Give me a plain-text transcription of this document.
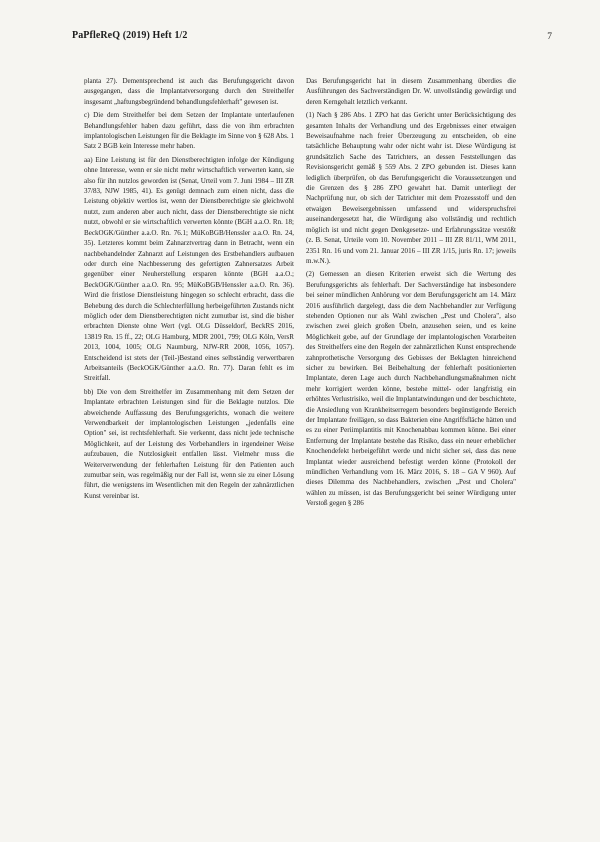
PaPfleReQ (2019) Heft 1/2	7

planta 27). Dementsprechend ist auch das Berufungsgericht davon ausgegangen, dass die Implantatversorgung durch den Streithelfer insgesamt „haftungsbegründend behandlungsfehlerhaft" gewesen ist.

c) Die dem Streithelfer bei dem Setzen der Implantate unterlaufenen Behandlungsfehler haben dazu geführt, dass die von ihm erbrachten implantologischen Leistungen für die Beklagte im Sinne von § 628 Abs. 1 Satz 2 BGB kein Interesse mehr haben.

aa) Eine Leistung ist für den Dienstberechtigten infolge der Kündigung ohne Interesse, wenn er sie nicht mehr wirtschaftlich verwerten kann, sie also für ihn nutzlos geworden ist (Senat, Urteil vom 7. Juni 1984 – III ZR 37/83, NJW 1985, 41). Es genügt demnach zum einen nicht, dass die Leistung objektiv wertlos ist, wenn der Dienstberechtigte sie gleichwohl nutzt, zum anderen aber auch nicht, dass der Dienstberechtigte sie nicht nutzt, obwohl er sie wirtschaftlich verwerten könnte (BGH a.a.O. Rn. 18; BeckOGK/Günther a.a.O. Rn. 76.1; MüKoBGB/Henssler a.a.O. Rn. 24, 35). Letzteres kommt beim Zahnarztvertrag dann in Betracht, wenn ein nachbehandelnder Zahnarzt auf Leistungen des Erstbehandlers aufbauen oder durch eine Nachbesserung des gefertigten Zahnersatzes Arbeit gegenüber einer Neuherstellung ersparen könnte (BGH a.a.O.; BeckOGK/Günther a.a.O. Rn. 95; MüKoBGB/Henssler a.a.O. Rn. 36). Wird die fristlose Dienstleistung hingegen so schlecht erbracht, dass die Behebung des durch die Schlechterfüllung herbeigeführten Zustands nicht möglich oder dem Dienstberechtigten nicht zumutbar ist, sind die bisher erbrachten Dienste ohne Wert (vgl. OLG Düsseldorf, BeckRS 2016, 13819 Rn. 15 ff., 22; OLG Hamburg, MDR 2001, 799; OLG Köln, VersR 2013, 1004, 1005; OLG Naumburg, NJW-RR 2008, 1056, 1057). Entscheidend ist stets der (Teil-)Bestand eines selbständig verwertbaren Arbeitsanteils (BeckOGK/Günther a.a.O. Rn. 77). Daran fehlt es im Streitfall.

bb) Die von dem Streithelfer im Zusammenhang mit dem Setzen der Implantate erbrachten Leistungen sind für die Beklagte nutzlos. Die abweichende Auffassung des Berufungsgerichts, wonach die weitere Verwendbarkeit der implantologischen Leistungen „jedenfalls eine Option" sei, ist rechtsfehlerhaft. Sie verkennt, dass nicht jede technische Möglichkeit, auf der Leistung des Vorbehandlers in irgendeiner Weise aufzubauen, die Nutzlosigkeit entfallen lässt. Vielmehr muss die Weiterverwendung der fehlerhaften Leistung für den Patienten auch zumutbar sein, was regelmäßig nur der Fall ist, wenn sie zu einer Lösung führt, die wenigstens im Wesentlichen mit den Regeln der zahnärztlichen Kunst vereinbar ist.

Das Berufungsgericht hat in diesem Zusammenhang überdies die Ausführungen des Sachverständigen Dr. W. unvollständig gewürdigt und deren Kerngehalt letztlich verkannt.

(1) Nach § 286 Abs. 1 ZPO hat das Gericht unter Berücksichtigung des gesamten Inhalts der Verhandlung und des Ergebnisses einer etwaigen Beweisaufnahme nach freier Überzeugung zu entscheiden, ob eine tatsächliche Behauptung wahr oder nicht wahr ist. Diese Würdigung ist grundsätzlich Sache des Tatrichters, an dessen Feststellungen das Revisionsgericht gemäß § 559 Abs. 2 ZPO gebunden ist. Dieses kann lediglich überprüfen, ob das Berufungsgericht die Voraussetzungen und die Grenzen des § 286 ZPO gewahrt hat. Damit unterliegt der Nachprüfung nur, ob sich der Tatrichter mit dem Prozessstoff und den etwaigen Beweisergebnissen umfassend und widerspruchsfrei auseinandergesetzt hat, die Würdigung also vollständig und rechtlich möglich ist und nicht gegen Denkgesetze- und Erfahrungssätze verstößt (z. B. Senat, Urteile vom 10. November 2011 – III ZR 81/11, WM 2011, 2351 Rn. 16 und vom 21. Januar 2016 – III ZR 1/15, juris Rn. 17; jeweils m.w.N.).

(2) Gemessen an diesen Kriterien erweist sich die Wertung des Berufungsgerichts als fehlerhaft. Der Sachverständige hat insbesondere bei seiner mündlichen Anhörung vor dem Berufungsgericht am 14. März 2016 ausführlich dargelegt, dass die dem Nachbehandler zur Verfügung stehenden Optionen nur als Wahl zwischen „Pest und Cholera", also zwischen zwei gleich großen Übeln, anzusehen seien, und es keine Möglichkeit gebe, auf der Grundlage der implantologischen Vorarbeiten des Streithelfers eine den Regeln der zahnärztlichen Kunst entsprechende zahnprothetische Versorgung des Gebisses der Beklagten hinreichend sicher zu bewirken. Bei Beibehaltung der fehlerhaft positionierten Implantate, deren Lage auch durch Nachbehandlungsmaßnahmen nicht mehr korrigiert werden könne, bestehe mittel- oder langfristig ein erhöhtes Verlustrisiko, weil die Implantatwindungen und der beschichtete, die Ansiedlung von Krankheitserregern besonders begünstigende Bereich der Implantate freilägen, so dass Bakterien eine Angriffsfläche hätten und es zu einer Periimplantitis mit Knochenabbau kommen könne. Bei einer Entfernung der Implantate bestehe das Risiko, dass ein neuer erheblicher Knochendefekt herbeigeführt werde und nicht sicher sei, dass das neue Implantat wieder ausreichend befestigt werden könne (Protokoll der mündlichen Verhandlung vom 16. März 2016, S. 18 – GA V 960). Auf dieses Dilemma des Nachbehandlers, zwischen „Pest und Cholera" wählen zu müssen, ist das Berufungsgericht bei seiner Würdigung unter Verstoß gegen § 286
